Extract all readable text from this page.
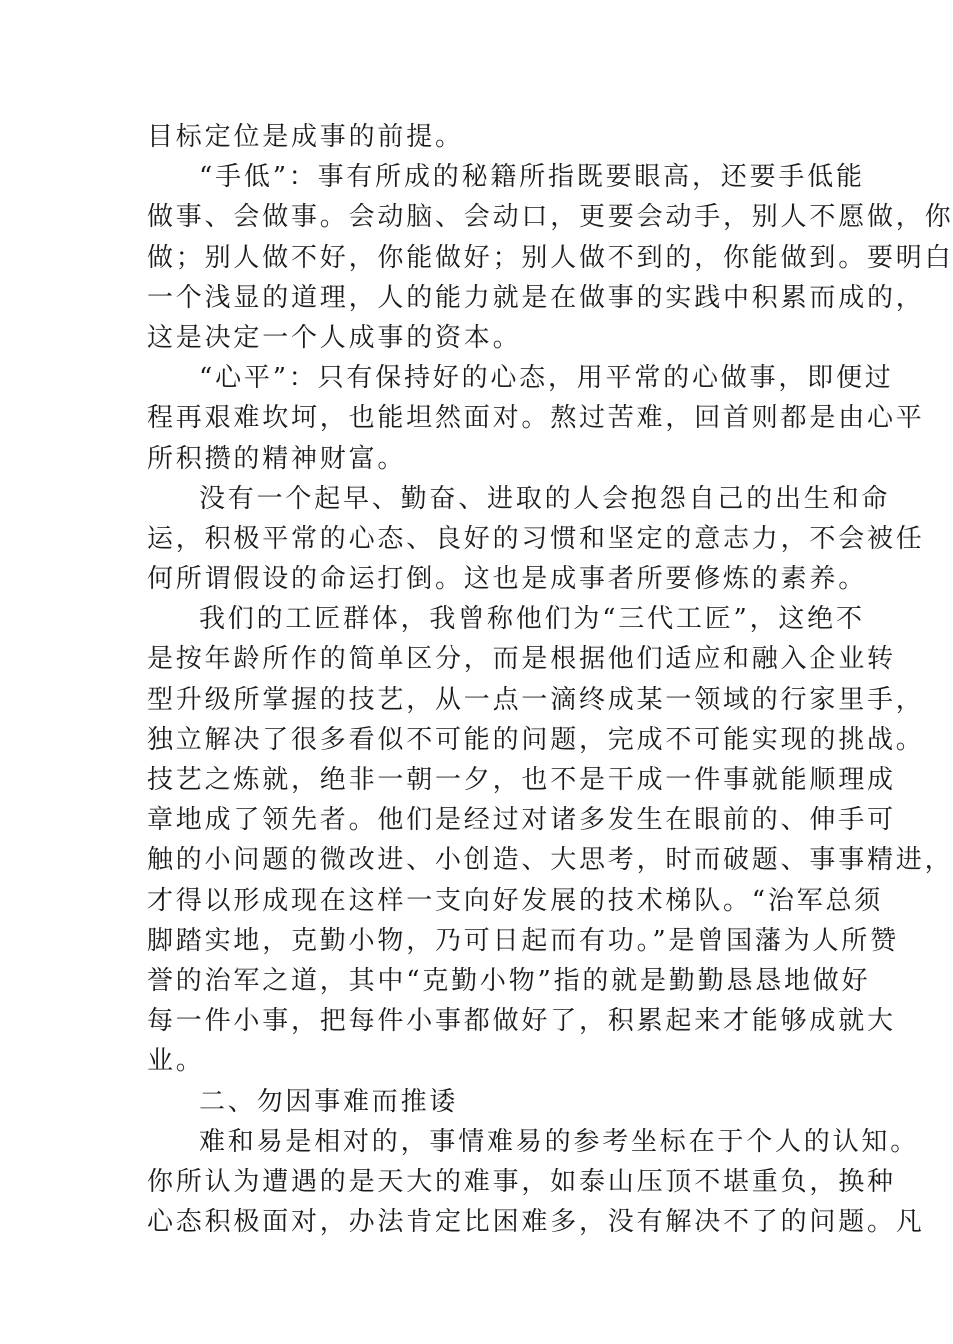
目标定位是成事的前提。
“手低”：事有所成的秘籍所指既要眼高，还要手低能
做事、会做事。会动脑、会动口，更要会动手，别人不愿做，你
做；别人做不好，你能做好；别人做不到的，你能做到。要明白
一个浅显的道理，人的能力就是在做事的实践中积累而成的，
这是决定一个人成事的资本。
“心平”：只有保持好的心态，用平常的心做事，即便过
程再艰难坎坷，也能坦然面对。熬过苦难，回首则都是由心平
所积攒的精神财富。
没有一个起早、勤奋、进取的人会抱怨自己的出生和命
运，积极平常的心态、良好的习惯和坚定的意志力，不会被任
何所谓假设的命运打倒。这也是成事者所要修炼的素养。
我们的工匠群体，我曾称他们为“三代工匠”，这绝不
是按年龄所作的简单区分，而是根据他们适应和融入企业转
型升级所掌握的技艺，从一点一滴终成某一领域的行家里手，
独立解决了很多看似不可能的问题，完成不可能实现的挑战。
技艺之炼就，绝非一朝一夕，也不是干成一件事就能顺理成
章地成了领先者。他们是经过对诸多发生在眼前的、伸手可
触的小问题的微改进、小创造、大思考，时而破题、事事精进，
才得以形成现在这样一支向好发展的技术梯队。“治军总须
脚踏实地，克勤小物，乃可日起而有功。”是曾国藩为人所赞
誉的治军之道，其中“克勤小物”指的就是勤勤恳恳地做好
每一件小事，把每件小事都做好了，积累起来才能够成就大
业。
二、勿因事难而推诿
难和易是相对的，事情难易的参考坐标在于个人的认知。
你所认为遭遇的是天大的难事，如泰山压顶不堪重负，换种
心态积极面对，办法肯定比困难多，没有解决不了的问题。凡
